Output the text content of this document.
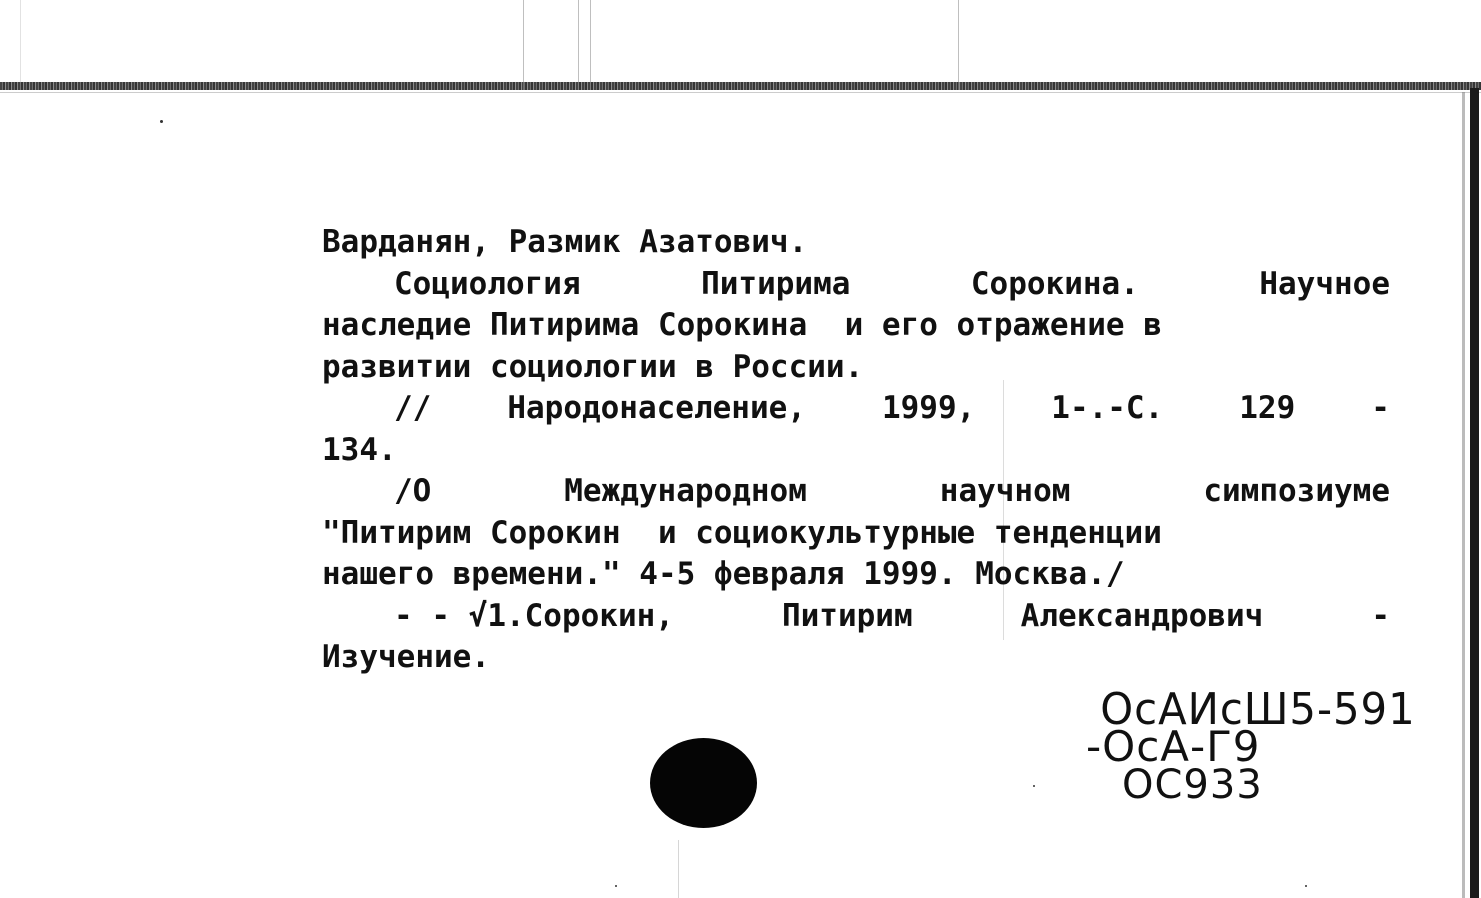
Варданян, Размик Азатович.
Социология	Питирима	Сорокина.	Научное
наследие Питирима Сорокина  и его отражение в
развитии социологии в России.
// Народонаселение, 1999, 1-.-С. 129 -
134.
/О	Международном	научном	симпозиуме
"Питирим Сорокин  и социокультурные тенденции
нашего времени." 4-5 февраля 1999. Москва./
- - √1.Сорокин,	Питирим	Александрович	-
Изучение.
ОсАИсШ5-591
-ОсА-Г9
ОС933
